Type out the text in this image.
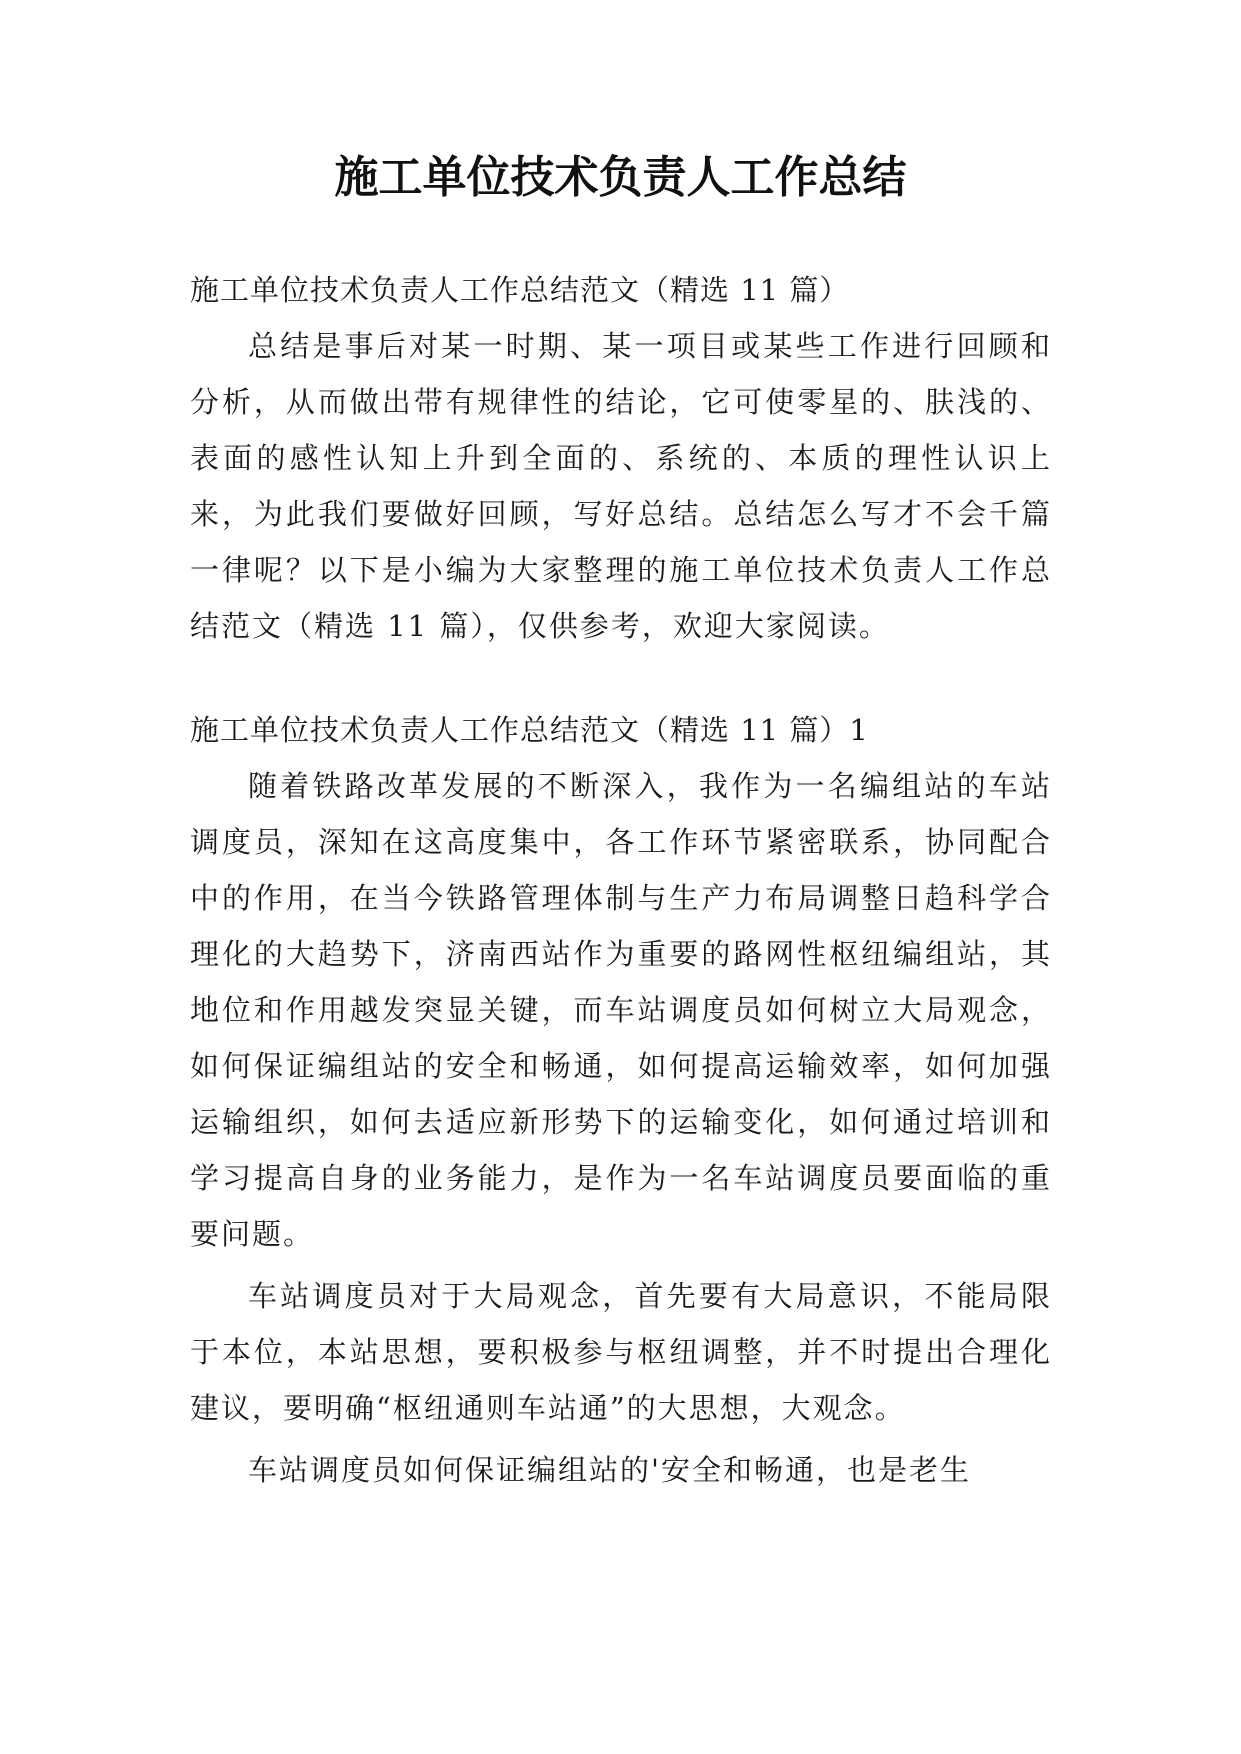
施工单位技术负责人工作总结

施工单位技术负责人工作总结范文（精选 11 篇）

总结是事后对某一时期、某一项目或某些工作进行回顾和分析，从而做出带有规律性的结论，它可使零星的、肤浅的、表面的感性认知上升到全面的、系统的、本质的理性认识上来，为此我们要做好回顾，写好总结。总结怎么写才不会千篇一律呢？以下是小编为大家整理的施工单位技术负责人工作总结范文（精选 11 篇），仅供参考，欢迎大家阅读。

施工单位技术负责人工作总结范文（精选 11 篇）1

随着铁路改革发展的不断深入，我作为一名编组站的车站调度员，深知在这高度集中，各工作环节紧密联系，协同配合中的作用，在当今铁路管理体制与生产力布局调整日趋科学合理化的大趋势下，济南西站作为重要的路网性枢纽编组站，其地位和作用越发突显关键，而车站调度员如何树立大局观念，如何保证编组站的安全和畅通，如何提高运输效率，如何加强运输组织，如何去适应新形势下的运输变化，如何通过培训和学习提高自身的业务能力，是作为一名车站调度员要面临的重要问题。

车站调度员对于大局观念，首先要有大局意识，不能局限于本位，本站思想，要积极参与枢纽调整，并不时提出合理化建议，要明确“枢纽通则车站通”的大思想，大观念。

车站调度员如何保证编组站的'安全和畅通，也是老生
